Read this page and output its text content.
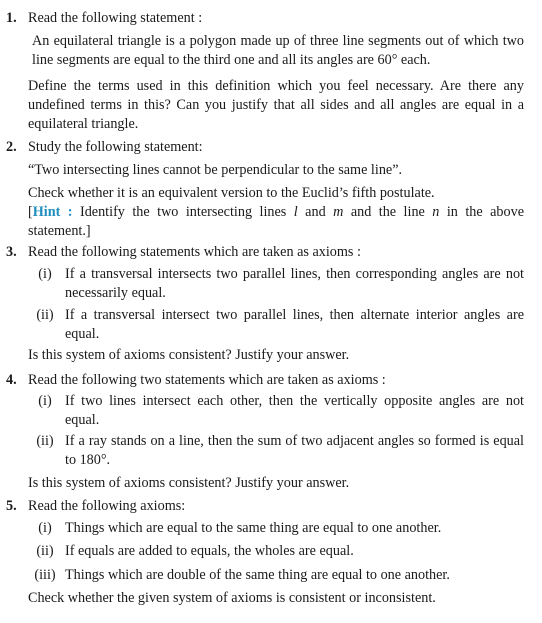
1. Read the following statement :
An equilateral triangle is a polygon made up of three line segments out of which two line segments are equal to the third one and all its angles are 60° each.
Define the terms used in this definition which you feel necessary. Are there any undefined terms in this? Can you justify that all sides and all angles are equal in a equilateral triangle.
2. Study the following statement:
“Two intersecting lines cannot be perpendicular to the same line”.
Check whether it is an equivalent version to the Euclid’s fifth postulate.
[Hint : Identify the two intersecting lines l and m and the line n in the above statement.]
3. Read the following statements which are taken as axioms :
(i) If a transversal intersects two parallel lines, then corresponding angles are not necessarily equal.
(ii) If a transversal intersect two parallel lines, then alternate interior angles are equal.
Is this system of axioms consistent? Justify your answer.
4. Read the following two statements which are taken as axioms :
(i) If two lines intersect each other, then the vertically opposite angles are not equal.
(ii) If a ray stands on a line, then the sum of two adjacent angles so formed is equal to 180°.
Is this system of axioms consistent? Justify your answer.
5. Read the following axioms:
(i) Things which are equal to the same thing are equal to one another.
(ii) If equals are added to equals, the wholes are equal.
(iii) Things which are double of the same thing are equal to one another.
Check whether the given system of axioms is consistent or inconsistent.
